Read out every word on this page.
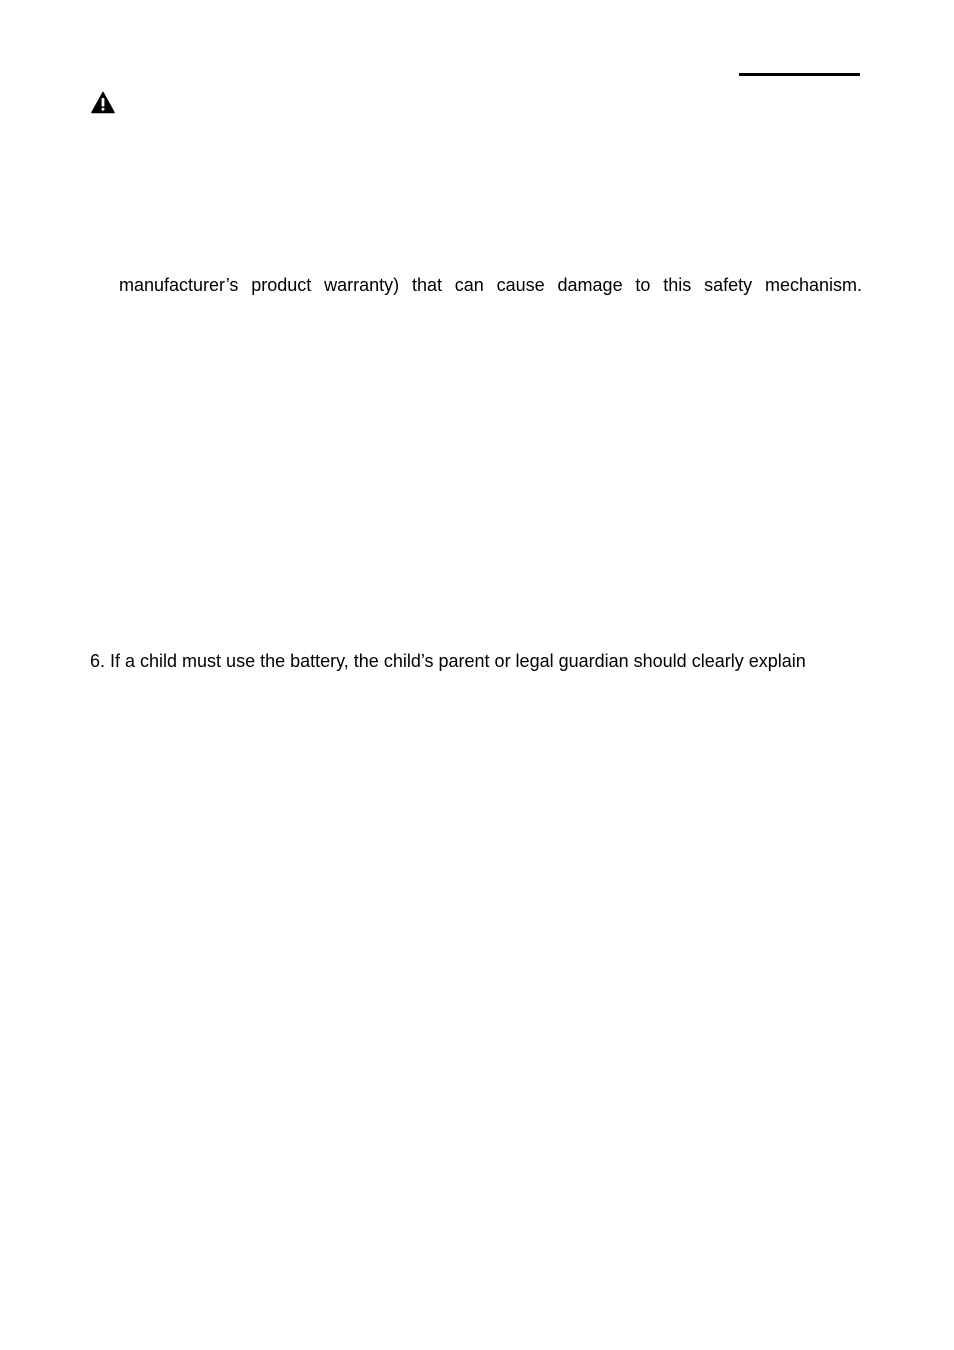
manufacturer’s product warranty) that can cause damage to this safety mechanism.
6. If a child must use the battery, the child’s parent or legal guardian should clearly explain
